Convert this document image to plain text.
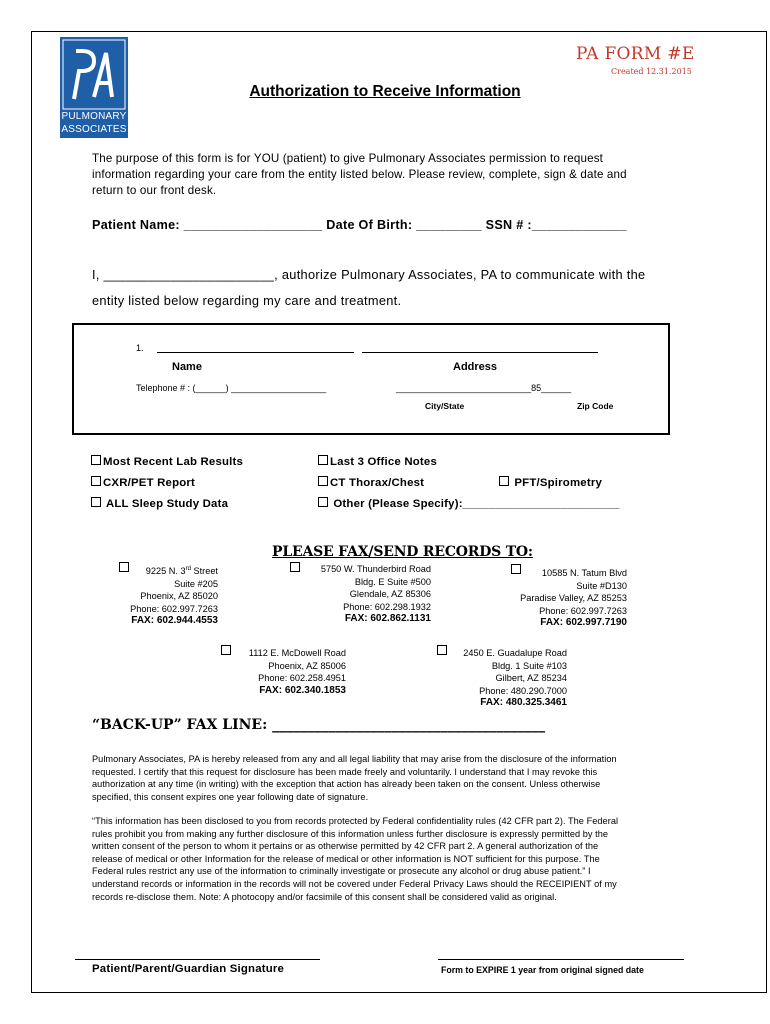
PULMONARY
ASSOCIATES
PA FORM #E
Created 12.31.2015
Authorization to Receive Information
The purpose of this form is for YOU (patient) to give Pulmonary Associates permission to request
information regarding your care from the entity listed below. Please review, complete, sign & date and
return to our front desk.
Patient Name: ___________________ Date Of Birth: _________ SSN # :_____________
I, _______________________, authorize Pulmonary Associates, PA to communicate with the
entity listed below regarding my care and treatment.
1.
Name	Address
Telephone # : (______) ___________________	___________________________85______
City/State	Zip Code
Most Recent Lab Results	Last 3 Office Notes
CXR/PET Report	CT Thorax/Chest	PFT/Spirometry
ALL Sleep Study Data	Other (Please Specify):________________________
PLEASE FAX/SEND RECORDS TO:
9225 N. 3rd Street
Suite #205
Phoenix, AZ 85020
Phone: 602.997.7263
FAX: 602.944.4553
5750 W. Thunderbird Road
Bldg. E Suite #500
Glendale, AZ 85306
Phone: 602.298.1932
FAX: 602.862.1131
10585 N. Tatum Blvd
Suite #D130
Paradise Valley, AZ 85253
Phone: 602.997.7263
FAX: 602.997.7190
1112 E. McDowell Road
Phoenix, AZ 85006
Phone: 602.258.4951
FAX: 602.340.1853
2450 E. Guadalupe Road
Bldg. 1 Suite #103
Gilbert, AZ 85234
Phone: 480.290.7000
FAX: 480.325.3461
“BACK-UP” FAX LINE: _______________________________________
Pulmonary Associates, PA is hereby released from any and all legal liability that may arise from the disclosure of the information
requested. I certify that this request for disclosure has been made freely and voluntarily. I understand that I may revoke this
authorization at any time (in writing) with the exception that action has already been taken on the consent. Unless otherwise
specified, this consent expires one year following date of signature.
“This information has been disclosed to you from records protected by Federal confidentiality rules (42 CFR part 2). The Federal
rules prohibit you from making any further disclosure of this information unless further disclosure is expressly permitted by the
written consent of the person to whom it pertains or as otherwise permitted by 42 CFR part 2. A general authorization of the
release of medical or other Information for the release of medical or other information is NOT sufficient for this purpose. The
Federal rules restrict any use of the information to criminally investigate or prosecute any alcohol or drug abuse patient.” I
understand records or information in the records will not be covered under Federal Privacy Laws should the RECEIPIENT of my
records re-disclose them. Note: A photocopy and/or facsimile of this consent shall be considered valid as original.
Patient/Parent/Guardian Signature	Form to EXPIRE 1 year from original signed date
